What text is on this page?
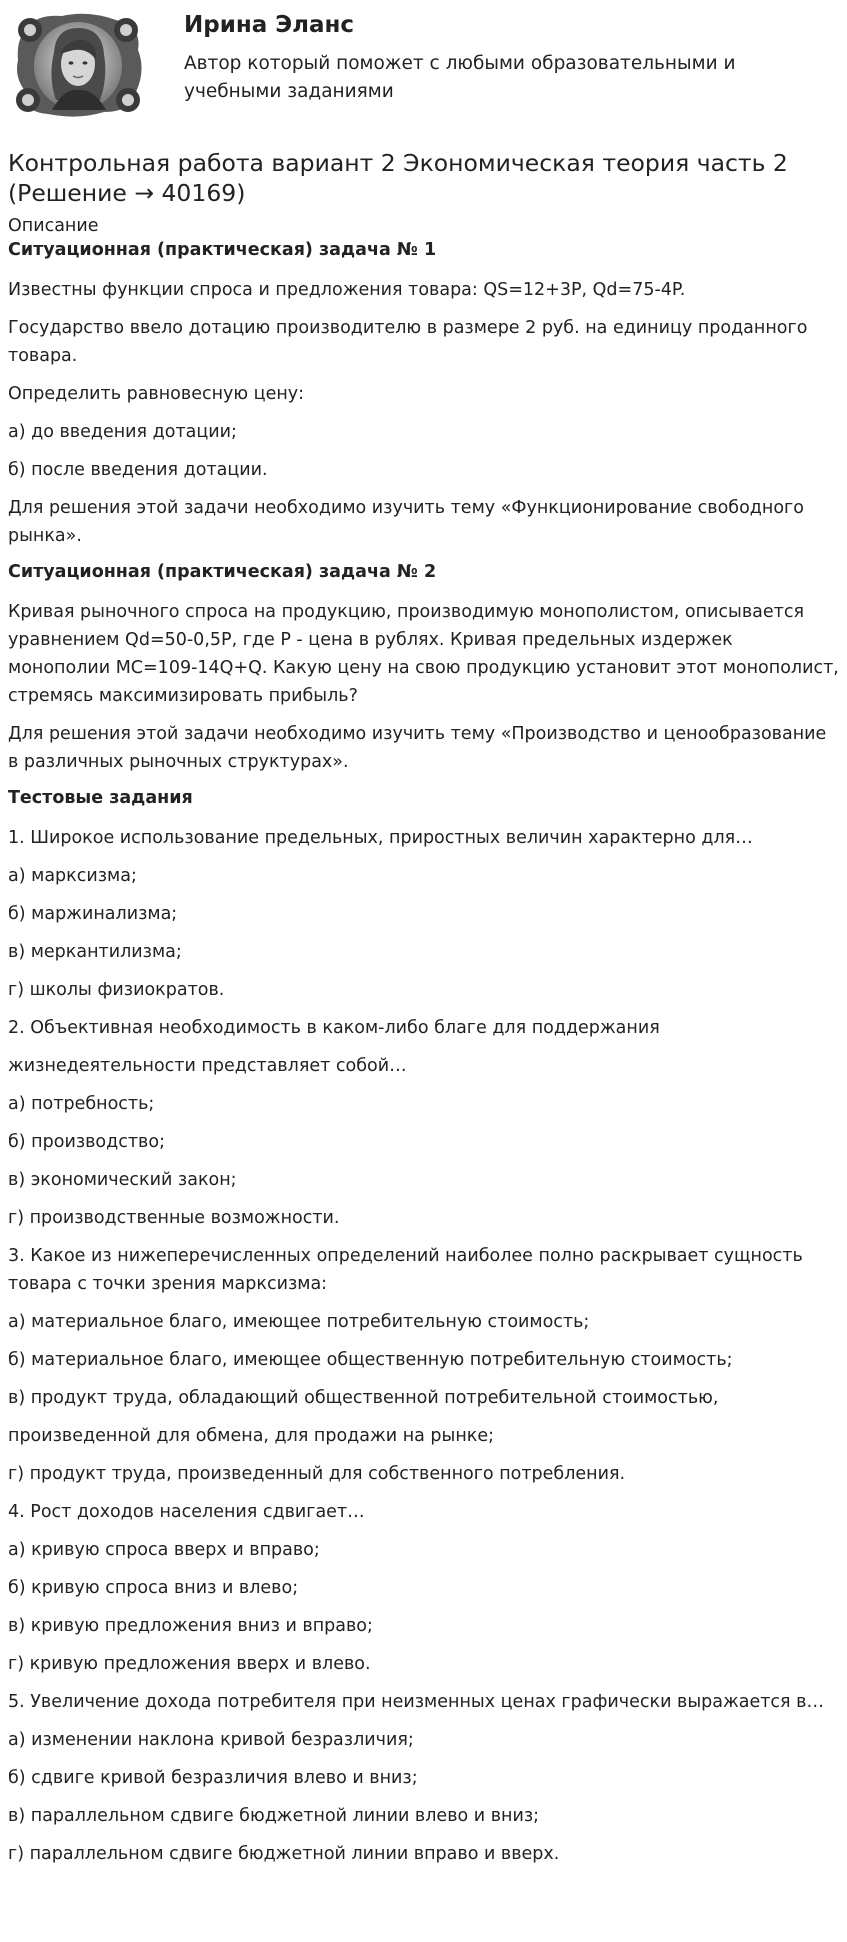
Ирина Эланс
Автор который поможет с любыми образовательными и учебными заданиями
Контрольная работа вариант 2 Экономическая теория часть 2 (Решение → 40169)
Описание
Ситуационная (практическая) задача № 1
Известны функции спроса и предложения товара: QS=12+3P, Qd=75-4P.
Государство ввело дотацию производителю в размере 2 руб. на единицу проданного товара.
Определить равновесную цену:
а) до введения дотации;
б) после введения дотации.
Для решения этой задачи необходимо изучить тему «Функционирование свободного рынка».
Ситуационная (практическая) задача № 2
Кривая рыночного спроса на продукцию, производимую монополистом, описывается уравнением Qd=50-0,5P, где P - цена в рублях. Кривая предельных издержек монополии MC=109-14Q+Q. Какую цену на свою продукцию установит этот монополист, стремясь максимизировать прибыль?
Для решения этой задачи необходимо изучить тему «Производство и ценообразование в различных рыночных структурах».
Тестовые задания
1. Широкое использование предельных, приростных величин характерно для…
а) марксизма;
б) маржинализма;
в) меркантилизма;
г) школы физиократов.
2. Объективная необходимость в каком-либо благе для поддержания
жизнедеятельности представляет собой…
а) потребность;
б) производство;
в) экономический закон;
г) производственные возможности.
3. Какое из нижеперечисленных определений наиболее полно раскрывает сущность товара с точки зрения марксизма:
а) материальное благо, имеющее потребительную стоимость;
б) материальное благо, имеющее общественную потребительную стоимость;
в) продукт труда, обладающий общественной потребительной стоимостью,
произведенной для обмена, для продажи на рынке;
г) продукт труда, произведенный для собственного потребления.
4. Рост доходов населения сдвигает…
а) кривую спроса вверх и вправо;
б) кривую спроса вниз и влево;
в) кривую предложения вниз и вправо;
г) кривую предложения вверх и влево.
5. Увеличение дохода потребителя при неизменных ценах графически выражается в…
а) изменении наклона кривой безразличия;
б) сдвиге кривой безразличия влево и вниз;
в) параллельном сдвиге бюджетной линии влево и вниз;
г) параллельном сдвиге бюджетной линии вправо и вверх.
